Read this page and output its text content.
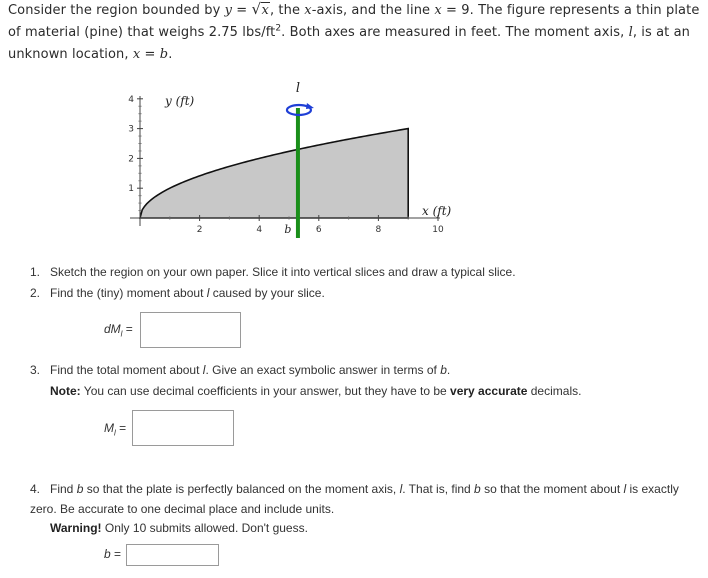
Consider the region bounded by y = √ x, the x-axis, and the line x = 9. The figure represents a thin plate of material (pine) that weighs 2.75 lbs/$ft^2$. Both axes are measured in feet. The moment axis, l, is at an unknown location, x = b.
2	4	6	8	10
1
2
3
4	y (ft)
x (ft)
l
b
1. Sketch the region on your own paper. Slice it into vertical slices and draw a typical slice.
2. Find the (tiny) moment about l caused by your slice.
$dM_l$ =
3. Find the total moment about l. Give an exact symbolic answer in terms of b.
Note: You can use decimal coefficients in your answer, but they have to be very accurate decimals.
$M_l$ =
4. Find b so that the plate is perfectly balanced on the moment axis, l. That is, find b so that the moment about l is exactly zero. Be accurate to one decimal place and include units.
Warning! Only 10 submits allowed. Don't guess.
b =
